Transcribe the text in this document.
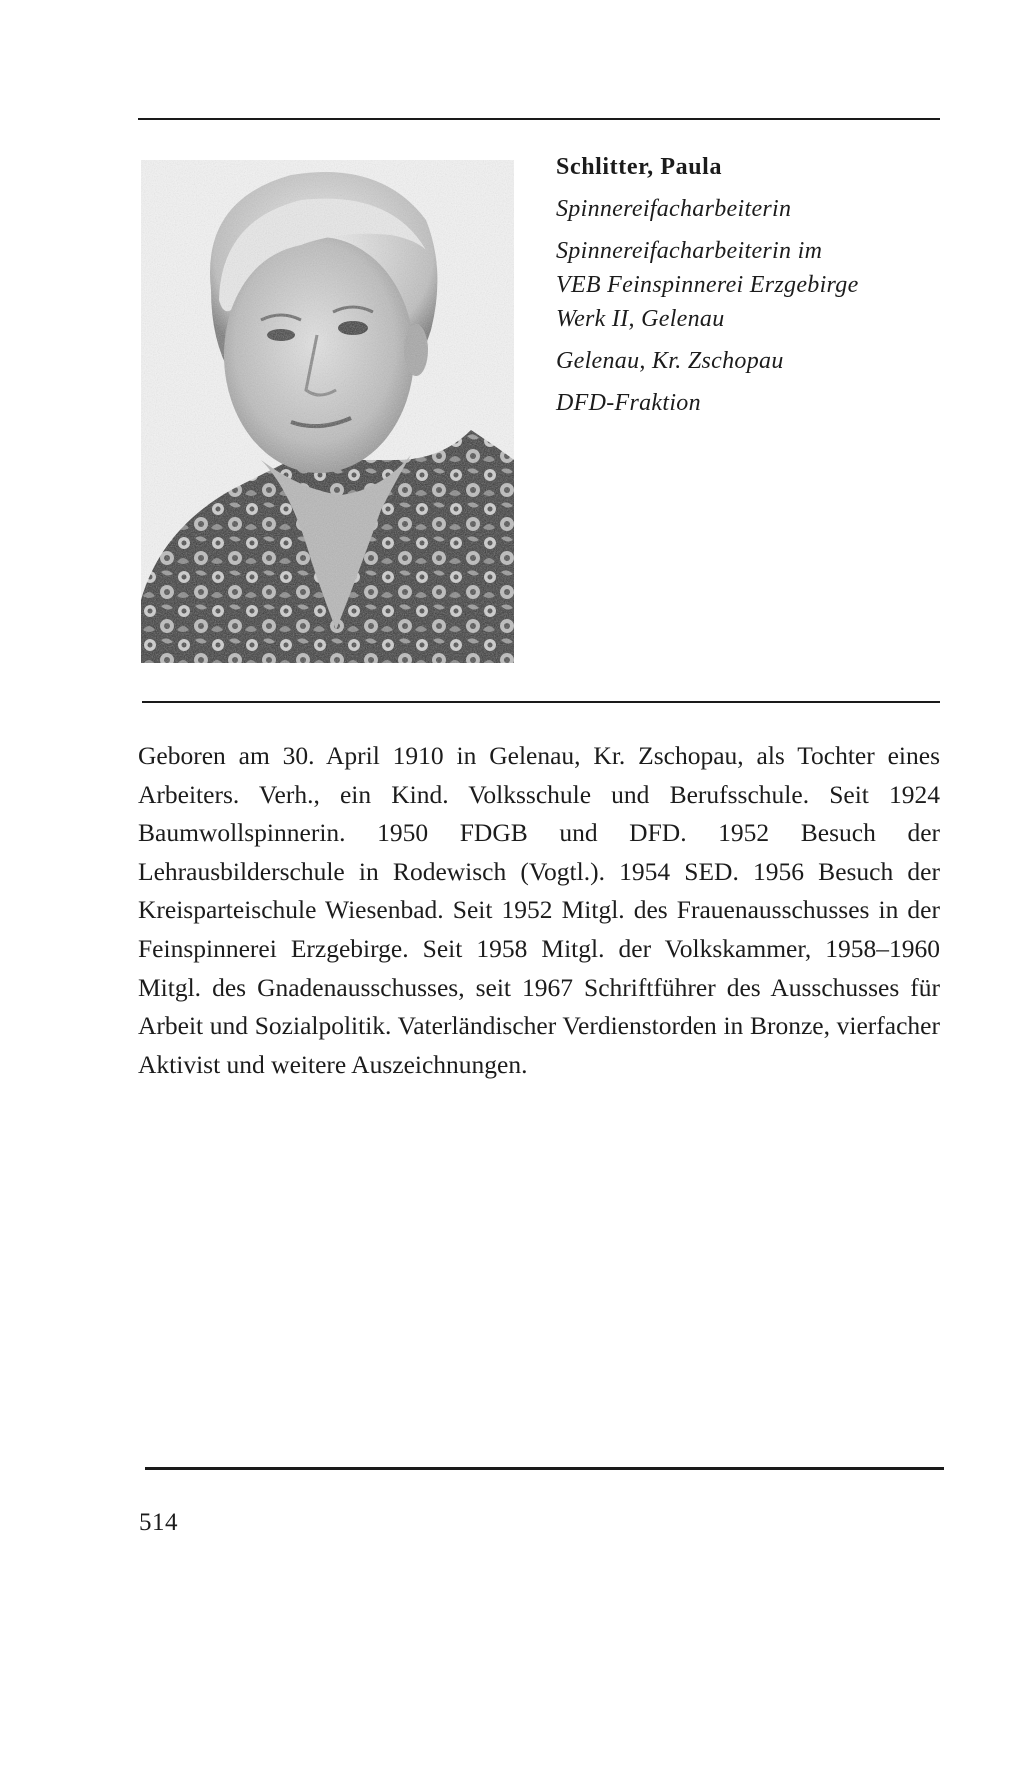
Schlitter, Paula
Spinnereifacharbeiterin
Spinnereifacharbeiterin im
VEB Feinspinnerei Erzgebirge
Werk II, Gelenau
Gelenau, Kr. Zschopau
DFD-Fraktion

Geboren am 30. April 1910 in Gelenau, Kr. Zschopau, als Tochter eines Arbeiters. Verh., ein Kind. Volksschule und Berufsschule. Seit 1924 Baumwollspinnerin. 1950 FDGB und DFD. 1952 Besuch der Lehrausbilderschule in Rodewisch (Vogtl.). 1954 SED. 1956 Besuch der Kreisparteischule Wiesenbad. Seit 1952 Mitgl. des Frauenausschusses in der Feinspinnerei Erzgebirge. Seit 1958 Mitgl. der Volkskammer, 1958–1960 Mitgl. des Gnadenausschusses, seit 1967 Schriftführer des Ausschusses für Arbeit und Sozialpolitik. Vaterländischer Verdienstorden in Bronze, vierfacher Aktivist und weitere Auszeichnungen.

514
